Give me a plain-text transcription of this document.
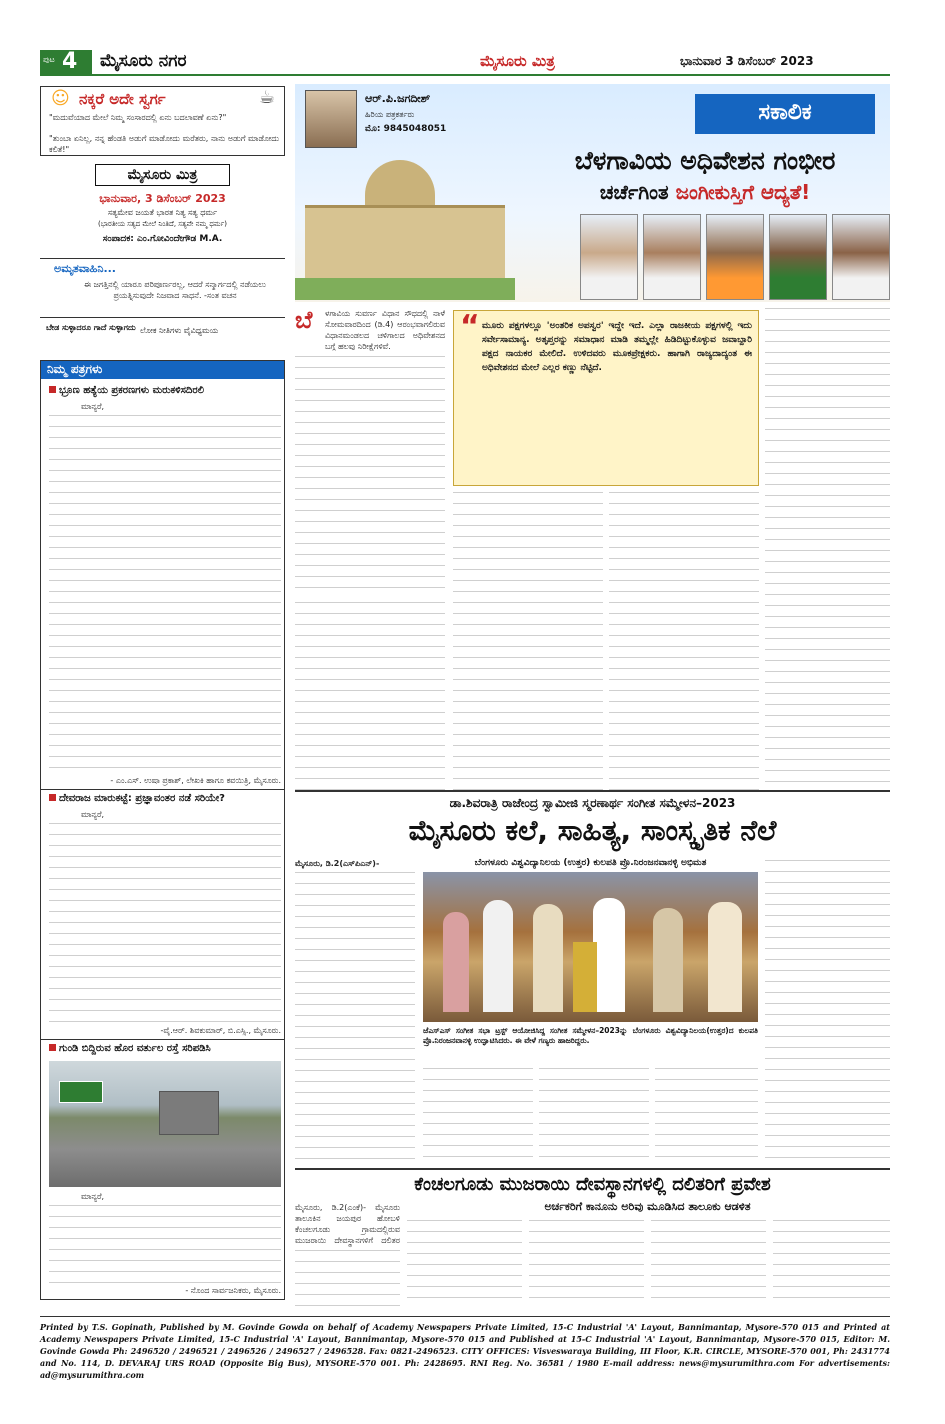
ಪುಟ 4 ಮೈಸೂರು ನಗರ	ಮೈಸೂರು ಮಿತ್ರ	ಭಾನುವಾರ 3 ಡಿಸೆಂಬರ್ 2023
☺ ನಕ್ಕರೆ ಅದೇ ಸ್ವರ್ಗ	☕
"ಮದುವೆಯಾದ ಮೇಲೆ ನಿಮ್ಮ ಸಂಸಾರದಲ್ಲಿ ಏನು ಬದಲಾವಣೆ ಏನು?"
"ತುಂಬಾ ಏನಿಲ್ಲ, ನನ್ನ ಹೆಂಡತಿ ಅಡುಗೆ ಮಾಡೋದು ಮರೆತರು, ನಾನು ಅಡುಗೆ ಮಾಡೋದು ಕಲಿತೆ!"
ಮೈಸೂರು ಮಿತ್ರ
ಭಾನುವಾರ, 3 ಡಿಸೆಂಬರ್ 2023
ಸತ್ಯಮೇವ ಜಯತೆ ಭಾರತ ನಿತ್ಯ ಸತ್ಯ ಧರ್ಮ
(ಭಾರತೀಯ ಸತ್ಯದ ಮೇಲೆ ನಿಂತಿದೆ, ಸತ್ಯವೇ ನಮ್ಮ ಧರ್ಮ)
ಸಂಪಾದಕ: ಎಂ.ಗೋವಿಂದೇಗೌಡ M.A.
ಅಮೃತವಾಹಿನಿ...
ಈ ಜಗತ್ತಿನಲ್ಲಿ ಯಾರೂ ಪರಿಪೂರ್ಣರಲ್ಲ, ಆದರೆ ಸನ್ಮಾರ್ಗದಲ್ಲಿ ನಡೆಯಲು ಪ್ರಯತ್ನಿಸುವುದೇ ನಿಜವಾದ ಸಾಧನೆ. -ಸಂತ ವಚನ
ಬೇಡ ಸುಳ್ಳಾದರೂ ಗಾದೆ ಸುಳ್ಳಾಗದು ಲೋಕ ನೀತಿಗಳು ವೈವಿಧ್ಯಮಯ
ನಿಮ್ಮ ಪತ್ರಗಳು
ಭ್ರೂಣ ಹತ್ಯೆಯ ಪ್ರಕರಣಗಳು ಮರುಕಳಿಸದಿರಲಿ
ಮಾನ್ಯರೆ,
- ಎಂ.ಎಸ್. ಉಷಾ ಪ್ರಕಾಶ್, ಲೇಖಕಿ ಹಾಗೂ ಕವಯಿತ್ರಿ, ಮೈಸೂರು.
ದೇವರಾಜ ಮಾರುಕಟ್ಟೆ: ಪ್ರಜ್ಞಾವಂತರ ನಡೆ ಸರಿಯೇ?
ಮಾನ್ಯರೆ,
-ವೈ.ಆರ್. ಶಿವಕುಮಾರ್, ಬಿ.ಎಸ್ಸಿ., ಮೈಸೂರು.
ಗುಂಡಿ ಬಿದ್ದಿರುವ ಹೊರ ವರ್ತುಲ ರಸ್ತೆ ಸರಿಪಡಿಸಿ
ಮಾನ್ಯರೆ,
- ನೊಂದ ಸಾರ್ವಜನಿಕರು, ಮೈಸೂರು.
ಆರ್.ಪಿ.ಜಗದೀಶ್
ಹಿರಿಯ ಪತ್ರಕರ್ತರು
ಮೊ: 9845048051
ಸಕಾಲಿಕ
ಬೆಳಗಾವಿಯ ಅಧಿವೇಶನ ಗಂಭೀರ
ಚರ್ಚೆಗಿಂತ ಜಂಗೀಕುಸ್ತಿಗೆ ಆದ್ಯತೆ!
ಬೆ ಳಗಾವಿಯ ಸುವರ್ಣ ವಿಧಾನ ಸೌಧದಲ್ಲಿ ನಾಳೆ ಸೋಮವಾರದಿಂದ (ಡಿ.4) ಆರಂಭವಾಗಲಿರುವ ವಿಧಾನಮಂಡಲದ ಚಳಿಗಾಲದ ಅಧಿವೇಶನದ ಬಗ್ಗೆ ಹಲವು ನಿರೀಕ್ಷೆಗಳಿವೆ.
“ ಮೂರು ಪಕ್ಷಗಳಲ್ಲೂ 'ಅಂತರಿಕ ಅಪಸ್ವರ' ಇದ್ದೇ ಇದೆ. ಎಲ್ಲಾ ರಾಜಕೀಯ ಪಕ್ಷಗಳಲ್ಲಿ ಇದು ಸರ್ವೇಸಾಮಾನ್ಯ. ಅತೃಪ್ತರನ್ನು ಸಮಾಧಾನ ಮಾಡಿ ತಮ್ಮಲ್ಲೇ ಹಿಡಿದಿಟ್ಟುಕೊಳ್ಳುವ ಜವಾಬ್ದಾರಿ ಪಕ್ಷದ ನಾಯಕರ ಮೇಲಿದೆ. ಉಳಿದವರು ಮೂಕಪ್ರೇಕ್ಷಕರು. ಹಾಗಾಗಿ ರಾಜ್ಯದಾದ್ಯಂತ ಈ ಅಧಿವೇಶನದ ಮೇಲೆ ಎಲ್ಲರ ಕಣ್ಣು ನೆಟ್ಟಿದೆ.
ಡಾ.ಶಿವರಾತ್ರಿ ರಾಜೇಂದ್ರ ಸ್ವಾಮೀಜಿ ಸ್ಮರಣಾರ್ಥ ಸಂಗೀತ ಸಮ್ಮೇಳನ–2023
ಮೈಸೂರು ಕಲೆ, ಸಾಹಿತ್ಯ, ಸಾಂಸ್ಕೃತಿಕ ನೆಲೆ
ಮೈಸೂರು, ಡಿ.2(ಎಸ್‌ಪಿಎನ್)-	ಬೆಂಗಳೂರು ವಿಶ್ವವಿದ್ಯಾನಿಲಯ (ಉತ್ತರ) ಕುಲಪತಿ ಪ್ರೊ.ನಿರಂಜನವಾನಳ್ಳಿ ಅಭಿಮತ
ಜೆಎಸ್‌ಎಸ್ ಸಂಗೀತ ಸಭಾ ಟ್ರಸ್ಟ್ ಆಯೋಜಿಸಿದ್ದ ಸಂಗೀತ ಸಮ್ಮೇಳನ–2023ನ್ನು ಬೆಂಗಳೂರು ವಿಶ್ವವಿದ್ಯಾನಿಲಯ(ಉತ್ತರ)ದ ಕುಲಪತಿ ಪ್ರೊ.ನಿರಂಜನವಾನಳ್ಳಿ ಉದ್ಘಾಟಿಸಿದರು. ಈ ವೇಳೆ ಗಣ್ಯರು ಹಾಜರಿದ್ದರು.
ಕೆಂಚಲಗೂಡು ಮುಜರಾಯಿ ದೇವಸ್ಥಾನಗಳಲ್ಲಿ ದಲಿತರಿಗೆ ಪ್ರವೇಶ
ಅರ್ಚಕರಿಗೆ ಕಾನೂನು ಅರಿವು ಮೂಡಿಸಿದ ತಾಲೂಕು ಆಡಳಿತ
ಮೈಸೂರು, ಡಿ.2(ಎಂಕೆ)- ಮೈಸೂರು ತಾಲೂಕಿನ ಜಯಪುರ ಹೋಬಳಿ ಕೆಂಚಲಗೂಡು ಗ್ರಾಮದಲ್ಲಿರುವ ಮುಜರಾಯಿ ದೇವಸ್ಥಾನಗಳಿಗೆ ದಲಿತರ
Printed by T.S. Gopinath, Published by M. Govinde Gowda on behalf of Academy Newspapers Private Limited, 15-C Industrial 'A' Layout, Bannimantap, Mysore-570 015 and Printed at Academy Newspapers Private Limited, 15-C Industrial 'A' Layout, Bannimantap, Mysore-570 015 and Published at 15-C Industrial 'A' Layout, Bannimantap, Mysore-570 015, Editor: M. Govinde Gowda Ph: 2496520 / 2496521 / 2496526 / 2496527 / 2496528. Fax: 0821-2496523. CITY OFFICES: Visveswaraya Building, III Floor, K.R. CIRCLE, MYSORE-570 001, Ph: 2431774 and No. 114, D. DEVARAJ URS ROAD (Opposite Big Bus), MYSORE-570 001. Ph: 2428695. RNI Reg. No. 36581 / 1980 E-mail address: news@mysurumithra.com For advertisements: ad@mysurumithra.com
